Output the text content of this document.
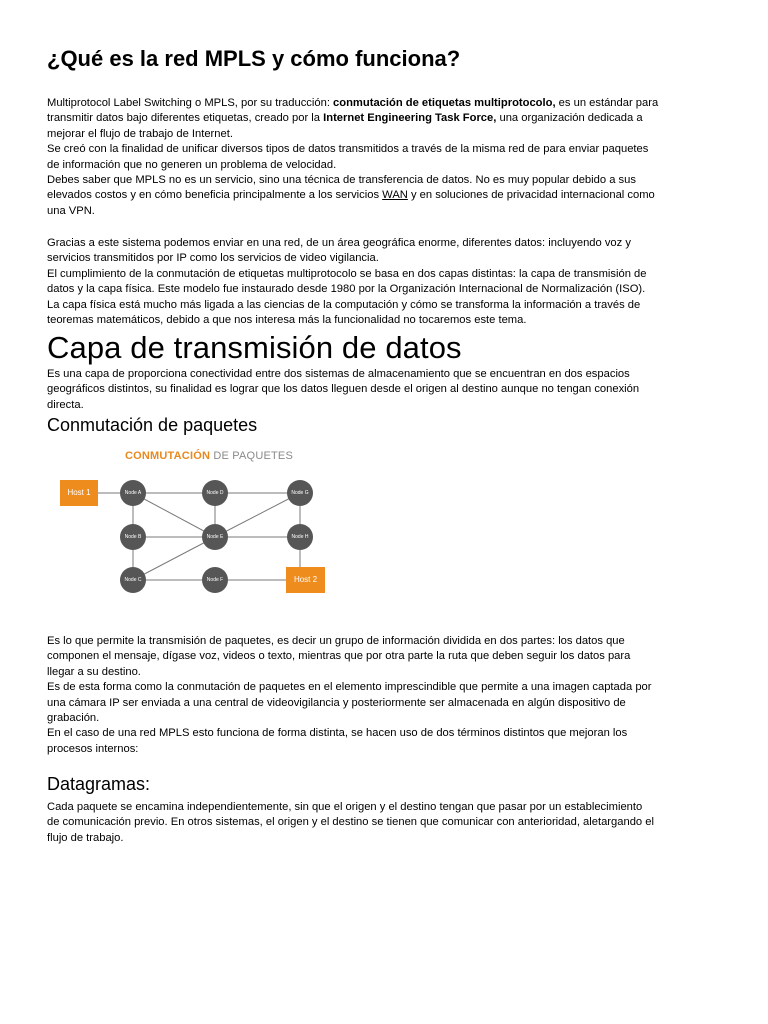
¿Qué es la red MPLS y cómo funciona?
Multiprotocol Label Switching o MPLS, por su traducción: conmutación de etiquetas multiprotocolo, es un estándar para
transmitir datos bajo diferentes etiquetas, creado por la Internet Engineering Task Force, una organización dedicada a
mejorar el flujo de trabajo de Internet.
Se creó con la finalidad de unificar diversos tipos de datos transmitidos a través de la misma red de para enviar paquetes
de información que no generen un problema de velocidad.
Debes saber que MPLS no es un servicio, sino una técnica de transferencia de datos. No es muy popular debido a sus
elevados costos y en cómo beneficia principalmente a los servicios WAN y en soluciones de privacidad internacional como
una VPN.
Gracias a este sistema podemos enviar en una red, de un área geográfica enorme, diferentes datos: incluyendo voz y
servicios transmitidos por IP como los servicios de video vigilancia.
El cumplimiento de la conmutación de etiquetas multiprotocolo se basa en dos capas distintas: la capa de transmisión de
datos y la capa física. Este modelo fue instaurado desde 1980 por la Organización Internacional de Normalización (ISO).
La capa física está mucho más ligada a las ciencias de la computación y cómo se transforma la información a través de
teoremas matemáticos, debido a que nos interesa más la funcionalidad no tocaremos este tema.
Capa de transmisión de datos
Es una capa de proporciona conectividad entre dos sistemas de almacenamiento que se encuentran en dos espacios
geográficos distintos, su finalidad es lograr que los datos lleguen desde el origen al destino aunque no tengan conexión
directa.
Conmutación de paquetes
CONMUTACIÓN DE PAQUETES
Host 1	Node A	Node D	Node G
Node B	Node E	Node H
Node C	Node F	Host 2
Es lo que permite la transmisión de paquetes, es decir un grupo de información dividida en dos partes: los datos que
componen el mensaje, dígase voz, videos o texto, mientras que por otra parte la ruta que deben seguir los datos para
llegar a su destino.
Es de esta forma como la conmutación de paquetes en el elemento imprescindible que permite a una imagen captada por
una cámara IP ser enviada a una central de videovigilancia y posteriormente ser almacenada en algún dispositivo de
grabación.
En el caso de una red MPLS esto funciona de forma distinta, se hacen uso de dos términos distintos que mejoran los
procesos internos:
Datagramas:
Cada paquete se encamina independientemente, sin que el origen y el destino tengan que pasar por un establecimiento
de comunicación previo. En otros sistemas, el origen y el destino se tienen que comunicar con anterioridad, aletargando el
flujo de trabajo.
